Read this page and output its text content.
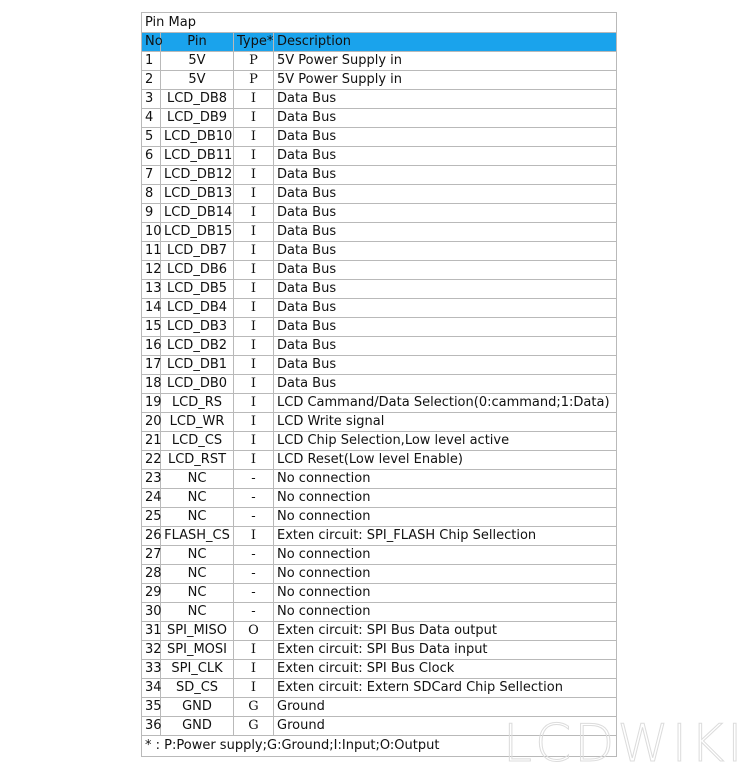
Pin Map			
No	Pin	Type*	Description
1	5V	P	5V Power Supply in
2	5V	P	5V Power Supply in
3	LCD_DB8	I	Data Bus
4	LCD_DB9	I	Data Bus
5	LCD_DB10	I	Data Bus
6	LCD_DB11	I	Data Bus
7	LCD_DB12	I	Data Bus
8	LCD_DB13	I	Data Bus
9	LCD_DB14	I	Data Bus
10	LCD_DB15	I	Data Bus
11	LCD_DB7	I	Data Bus
12	LCD_DB6	I	Data Bus
13	LCD_DB5	I	Data Bus
14	LCD_DB4	I	Data Bus
15	LCD_DB3	I	Data Bus
16	LCD_DB2	I	Data Bus
17	LCD_DB1	I	Data Bus
18	LCD_DB0	I	Data Bus
19	LCD_RS	I	LCD Cammand/Data Selection(0:cammand;1:Data)
20	LCD_WR	I	LCD Write signal
21	LCD_CS	I	LCD Chip Selection,Low level active
22	LCD_RST	I	LCD Reset(Low level Enable)
23	NC	-	No connection
24	NC	-	No connection
25	NC	-	No connection
26	FLASH_CS	I	Exten circuit: SPI_FLASH Chip Sellection
27	NC	-	No connection
28	NC	-	No connection
29	NC	-	No connection
30	NC	-	No connection
31	SPI_MISO	O	Exten circuit: SPI Bus Data output
32	SPI_MOSI	I	Exten circuit: SPI Bus Data input
33	SPI_CLK	I	Exten circuit: SPI Bus Clock
34	SD_CS	I	Exten circuit: Extern SDCard Chip Sellection
35	GND	G	Ground
36	GND	G	Ground
* : P:Power supply;G:Ground;I:Input;O:Output			LCDWIKI
